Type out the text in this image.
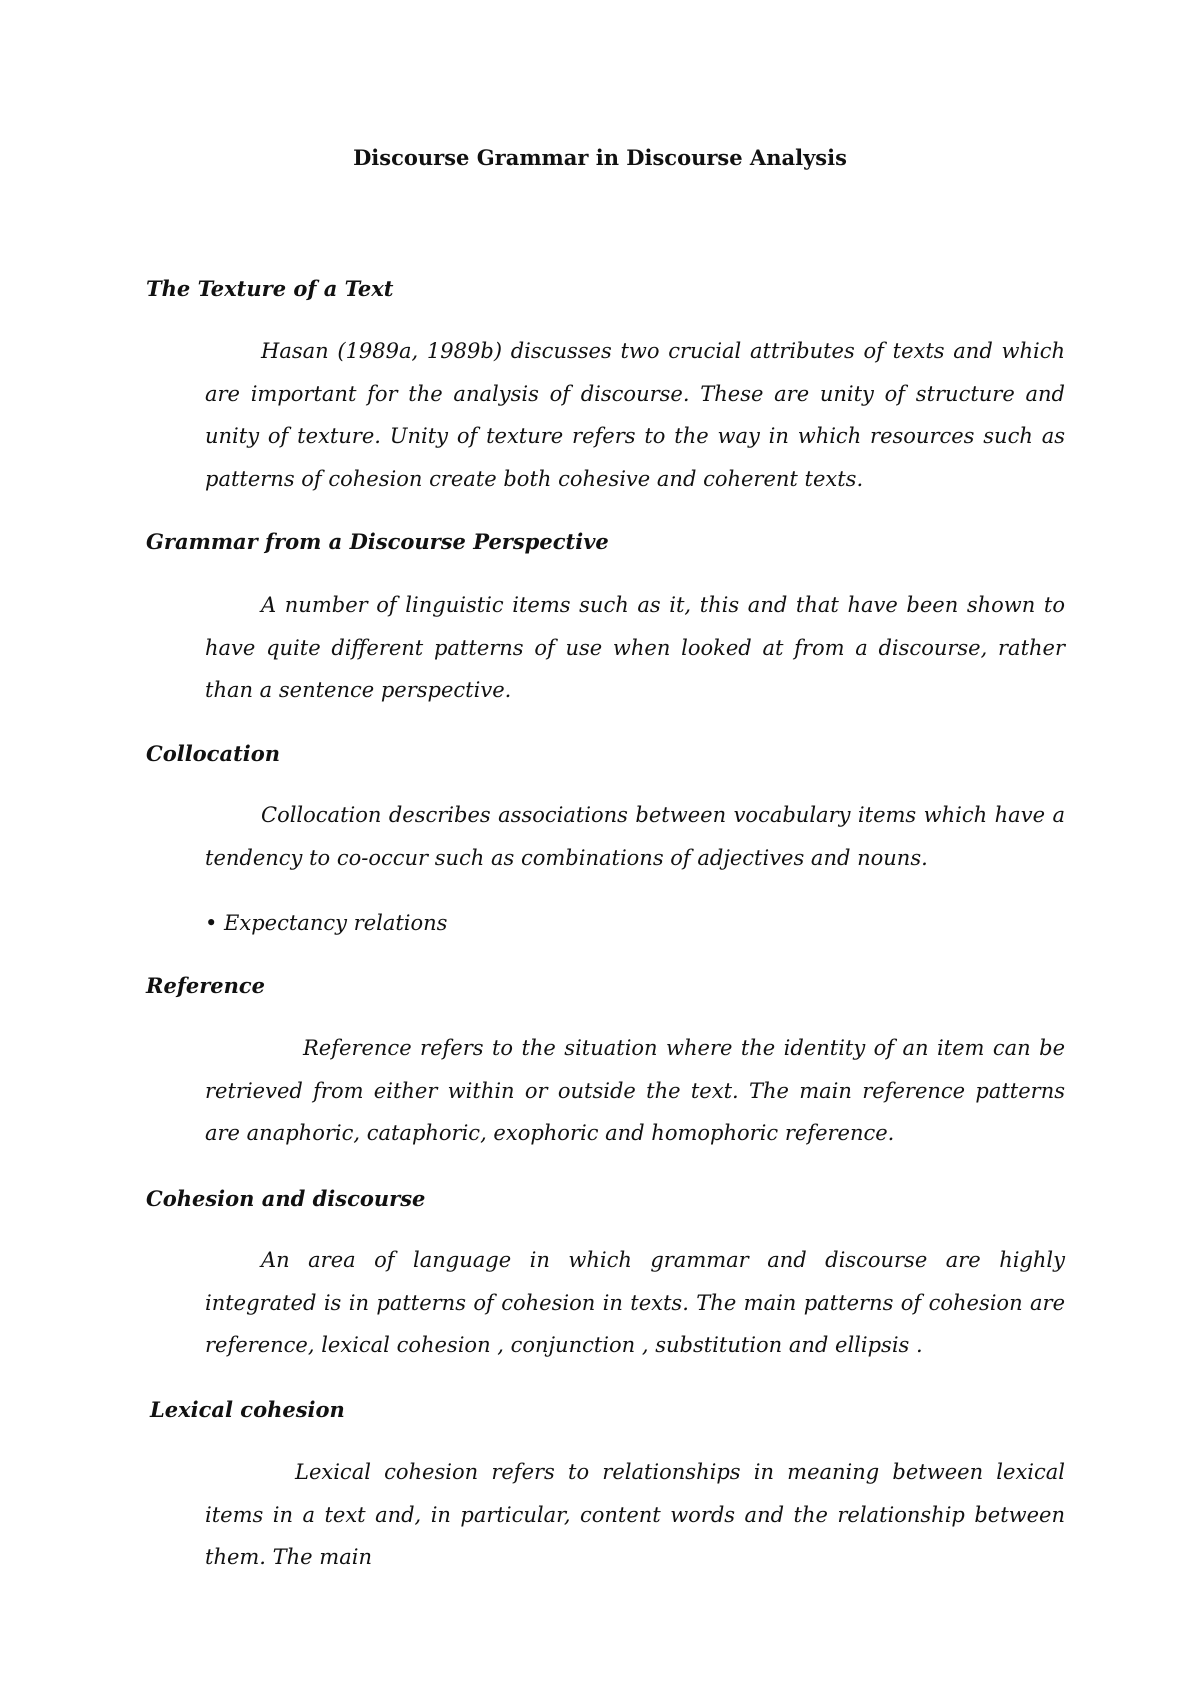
Discourse Grammar in Discourse Analysis
The Texture of a Text
Hasan (1989a, 1989b) discusses two crucial attributes of texts and which are important for the analysis of discourse. These are unity of structure and unity of texture. Unity of texture refers to the way in which resources such as patterns of cohesion create both cohesive and coherent texts.
Grammar from a Discourse Perspective
A number of linguistic items such as it, this and that have been shown to have quite different patterns of use when looked at from a discourse, rather than a sentence perspective.
Collocation
Collocation describes associations between vocabulary items which have a tendency to co-occur such as combinations of adjectives and nouns.
• Expectancy relations
Reference
Reference refers to the situation where the identity of an item can be retrieved from either within or outside the text. The main reference patterns are anaphoric, cataphoric, exophoric and homophoric reference.
Cohesion and discourse
An area of language in which grammar and discourse are highly integrated is in patterns of cohesion in texts. The main patterns of cohesion are reference, lexical cohesion , conjunction , substitution and ellipsis .
Lexical cohesion
Lexical cohesion refers to relationships in meaning between lexical items in a text and, in particular, content words and the relationship between them. The main
